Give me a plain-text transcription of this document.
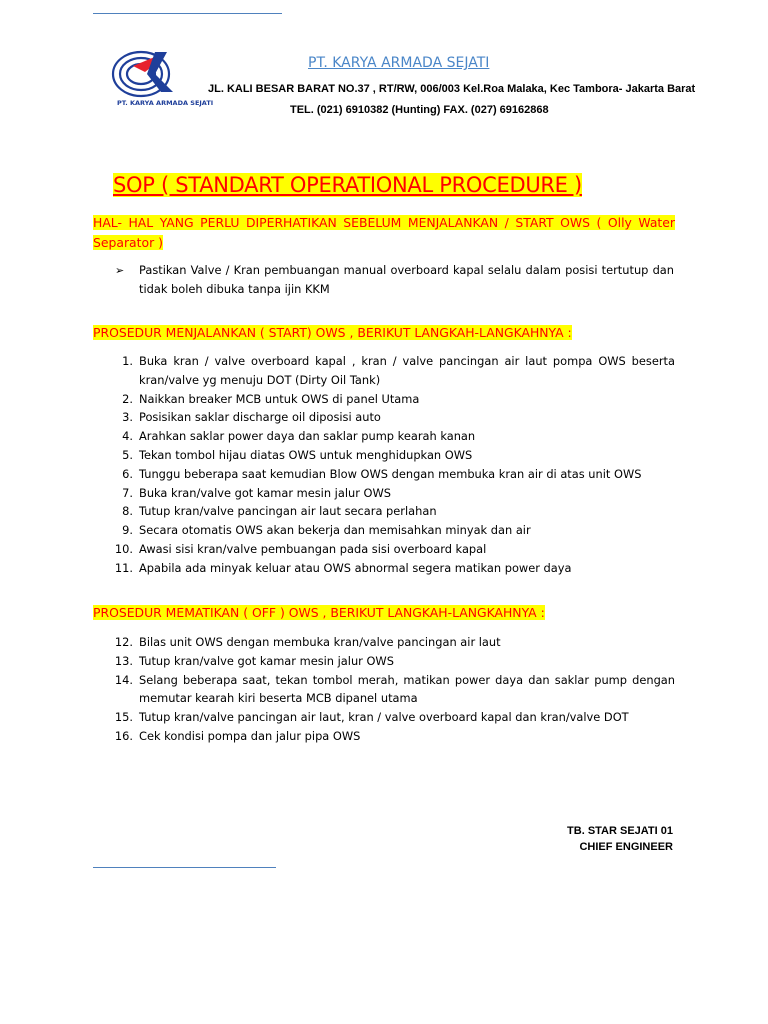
PT. KARYA ARMADA SEJATI
PT. KARYA ARMADA SEJATI
JL. KALI BESAR BARAT NO.37 , RT/RW, 006/003 Kel.Roa Malaka, Kec Tambora- Jakarta Barat
TEL. (021) 6910382 (Hunting) FAX. (027) 69162868
SOP ( STANDART OPERATIONAL PROCEDURE )
HAL- HAL YANG PERLU DIPERHATIKAN SEBELUM MENJALANKAN / START OWS ( Olly Water Separator )
➢ Pastikan Valve / Kran pembuangan manual overboard kapal selalu dalam posisi tertutup dan tidak boleh dibuka tanpa ijin KKM
PROSEDUR MENJALANKAN ( START) OWS , BERIKUT LANGKAH-LANGKAHNYA :
1. Buka kran / valve overboard kapal , kran / valve pancingan air laut pompa OWS beserta kran/valve yg menuju DOT (Dirty Oil Tank)
2. Naikkan breaker MCB untuk OWS di panel Utama
3. Posisikan saklar discharge oil diposisi auto
4. Arahkan saklar power daya dan saklar pump kearah kanan
5. Tekan tombol hijau diatas OWS untuk menghidupkan OWS
6. Tunggu beberapa saat kemudian Blow OWS dengan membuka kran air di atas unit OWS
7. Buka kran/valve got kamar mesin jalur OWS
8. Tutup kran/valve pancingan air laut secara perlahan
9. Secara otomatis OWS akan bekerja dan memisahkan minyak dan air
10. Awasi sisi kran/valve pembuangan pada sisi overboard kapal
11. Apabila ada minyak keluar atau OWS abnormal segera matikan power daya
PROSEDUR MEMATIKAN ( OFF ) OWS , BERIKUT LANGKAH-LANGKAHNYA :
12. Bilas unit OWS dengan membuka kran/valve pancingan air laut
13. Tutup kran/valve got kamar mesin jalur OWS
14. Selang beberapa saat, tekan tombol merah, matikan power daya dan saklar pump dengan memutar kearah kiri beserta MCB dipanel utama
15. Tutup kran/valve pancingan air laut, kran / valve overboard kapal dan kran/valve DOT
16. Cek kondisi pompa dan jalur pipa OWS
TB. STAR SEJATI 01
CHIEF ENGINEER
